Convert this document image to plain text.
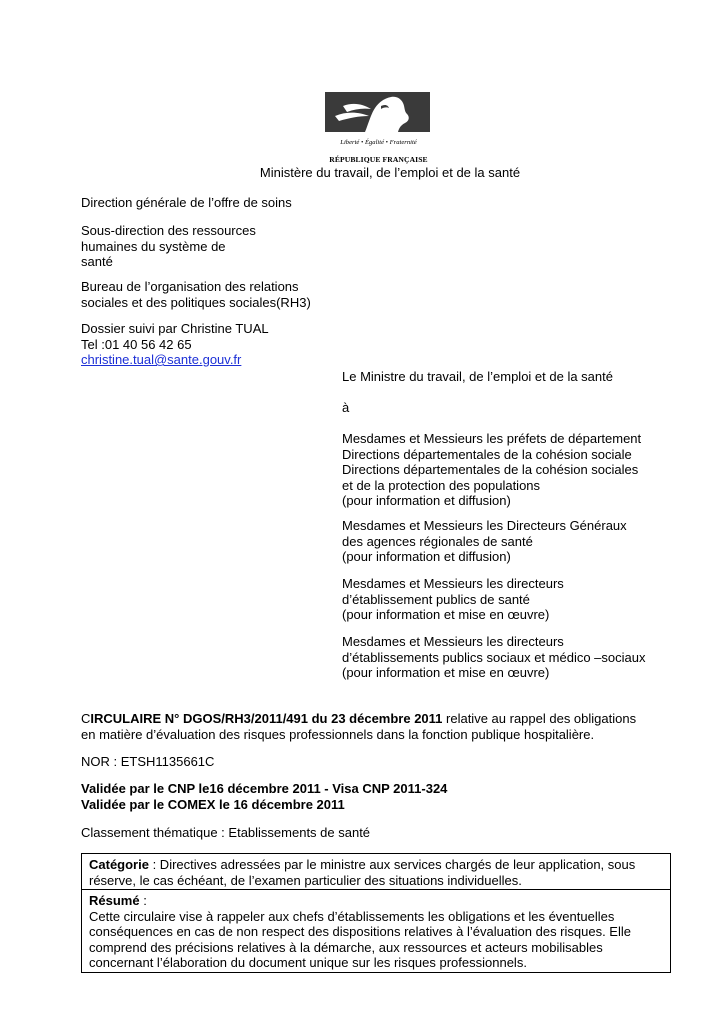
Liberté • Égalité • Fraternité
RÉPUBLIQUE FRANÇAISE
Ministère du travail, de l’emploi et de la santé
Direction générale de l’offre de soins
Sous-direction des ressources
humaines du système de
santé
Bureau de l’organisation des relations
sociales et des politiques sociales(RH3)
Dossier suivi par Christine TUAL
Tel :01 40 56 42 65
christine.tual@sante.gouv.fr
Le Ministre du travail, de l’emploi et de la santé
à
Mesdames et Messieurs les préfets de département
Directions départementales de la cohésion sociale
Directions départementales de la cohésion sociales
et de la protection des populations
(pour information et diffusion)
Mesdames et Messieurs les Directeurs Généraux
des agences régionales de santé
(pour information et diffusion)
Mesdames et Messieurs les directeurs
d’établissement publics de santé
(pour information et mise en œuvre)
Mesdames et Messieurs les directeurs
d’établissements publics sociaux et médico –sociaux
(pour information et mise en œuvre)
CIRCULAIRE N° DGOS/RH3/2011/491 du 23 décembre 2011 relative au rappel des obligations
en matière d’évaluation des risques professionnels dans la fonction publique hospitalière.
NOR : ETSH1135661C
Validée par le CNP le16 décembre 2011 - Visa CNP 2011-324
Validée par le COMEX le 16 décembre 2011
Classement thématique : Etablissements de santé
Catégorie : Directives adressées par le ministre aux services chargés de leur application, sous
réserve, le cas échéant, de l’examen particulier des situations individuelles.
Résumé :
Cette circulaire vise à rappeler aux chefs d’établissements les obligations et les éventuelles
conséquences en cas de non respect des dispositions relatives à l’évaluation des risques. Elle
comprend des précisions relatives à la démarche, aux ressources et acteurs mobilisables
concernant l’élaboration du document unique sur les risques professionnels.
